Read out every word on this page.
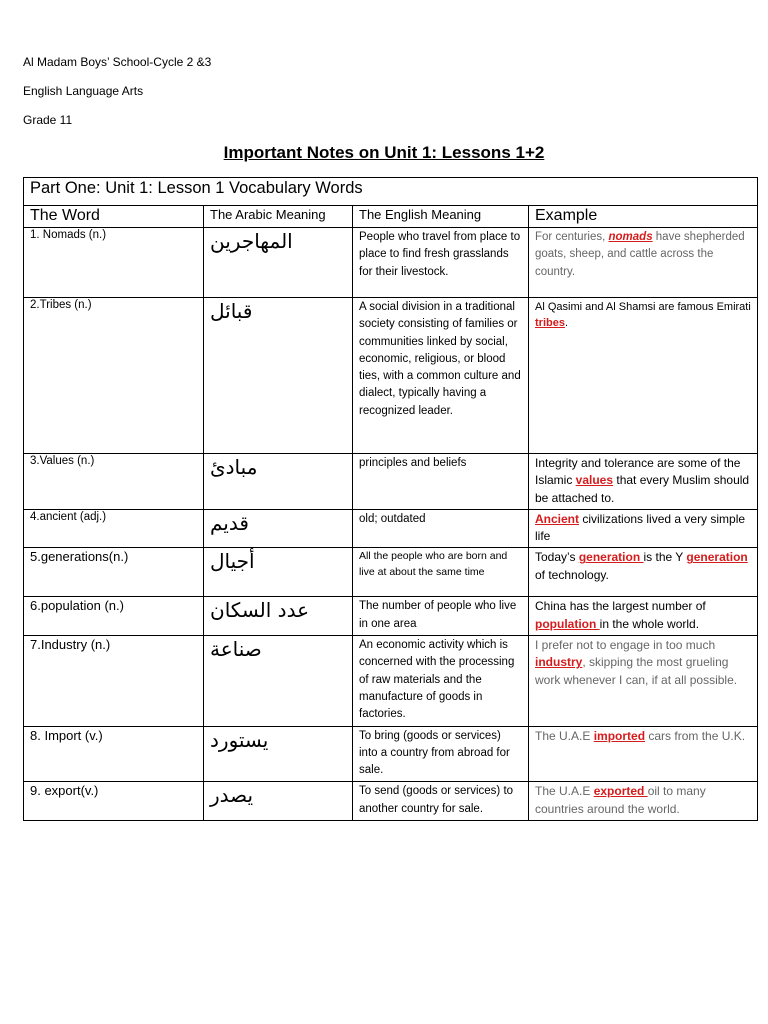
Al Madam Boys’ School-Cycle 2 &3
English Language Arts
Grade 11
Important Notes on Unit 1: Lessons 1+2
Part One: Unit 1: Lesson 1 Vocabulary Words			
The Word	The Arabic Meaning	The English Meaning	Example
1. Nomads (n.)	المهاجرين	People who travel from place to place to find fresh grasslands for their livestock.	For centuries, nomads have shepherded goats, sheep, and cattle across the country.
2.Tribes (n.)	قبائل	A social division in a traditional society consisting of families or communities linked by social, economic, religious, or blood ties, with a common culture and dialect, typically having a recognized leader.	Al Qasimi and Al Shamsi are famous Emirati tribes.
3.Values (n.)	مبادئ	principles and beliefs	Integrity and tolerance are some of the Islamic values that every Muslim should be attached to.
4.ancient (adj.)	قديم	old; outdated	Ancient civilizations lived a very simple life
5.generations(n.)	أجيال	All the people who are born and live at about the same time	Today’s generation is the Y generation of technology.
6.population (n.)	عدد السكان	The number of people who live in one area	China has the largest number of population in the whole world.
7.Industry (n.)	صناعة	An economic activity which is concerned with the processing of raw materials and the manufacture of goods in factories.	I prefer not to engage in too much industry, skipping the most grueling work whenever I can, if at all possible.
8. Import (v.)	يستورد	To bring (goods or services) into a country from abroad for sale.	The U.A.E imported cars from the U.K.
9. export(v.)	يصدر	To send (goods or services) to another country for sale.	The U.A.E exported oil to many countries around the world.
